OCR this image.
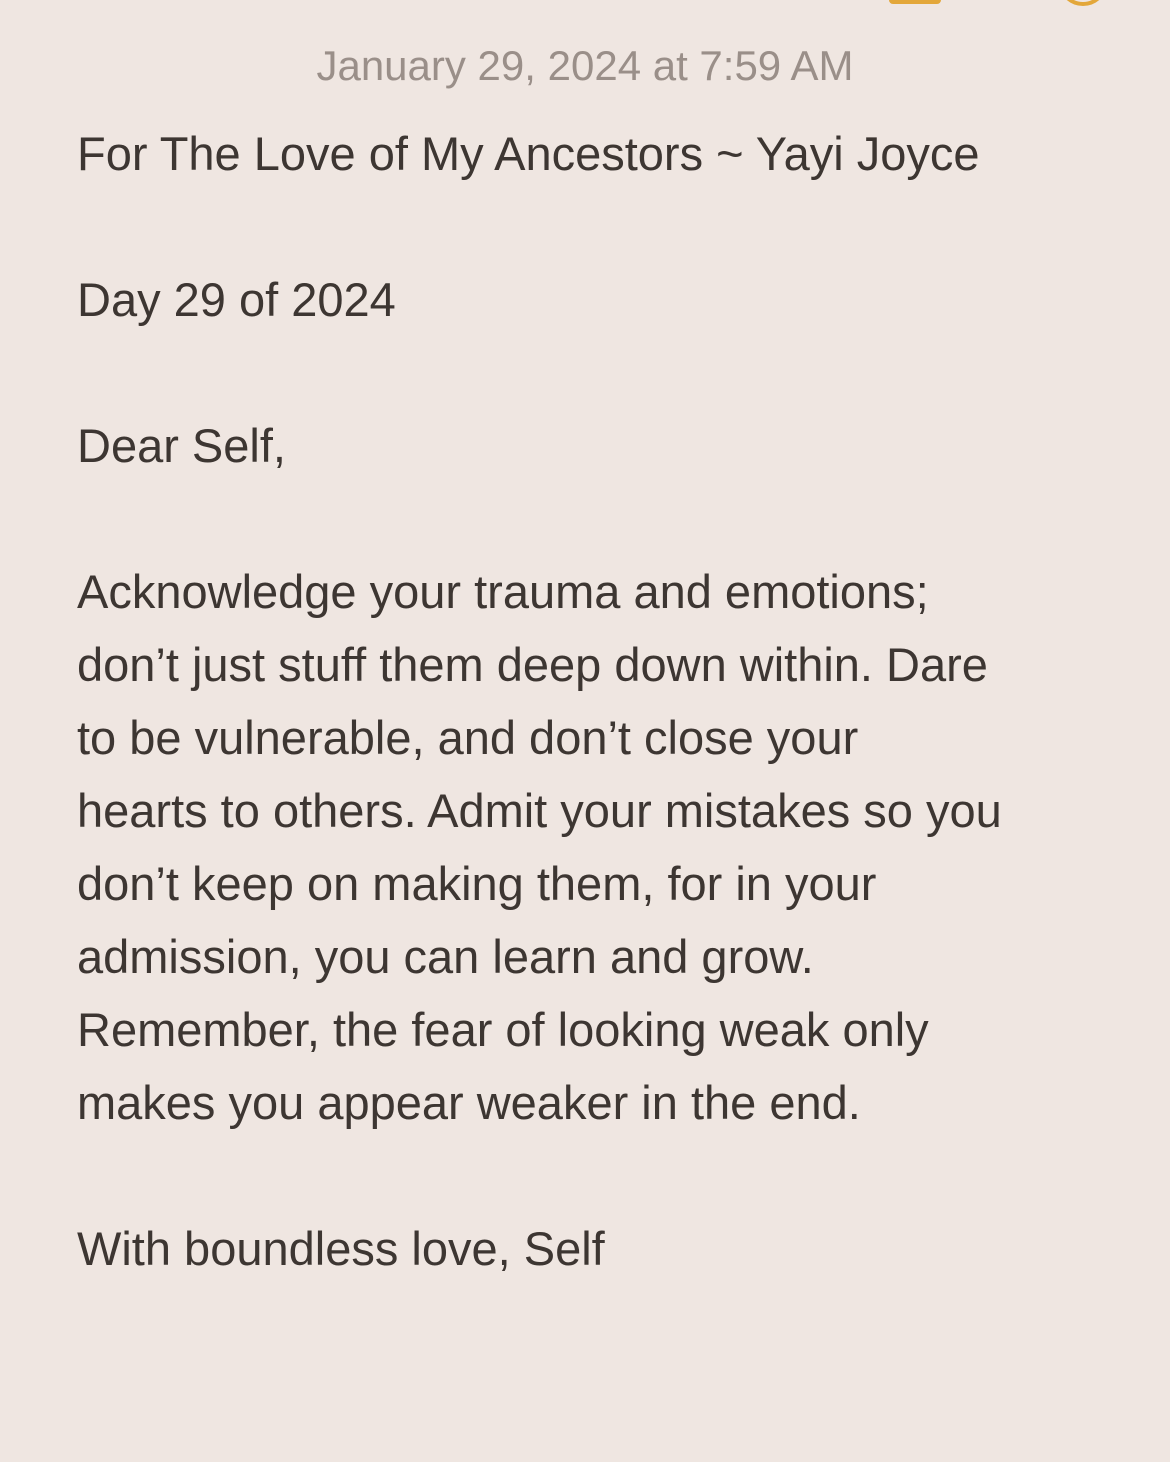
January 29, 2024 at 7:59 AM

For The Love of My Ancestors ~ Yayi Joyce

Day 29 of 2024

Dear Self,

Acknowledge your trauma and emotions;
don’t just stuff them deep down within. Dare
to be vulnerable, and don’t close your
hearts to others. Admit your mistakes so you
don’t keep on making them, for in your
admission, you can learn and grow.
Remember, the fear of looking weak only
makes you appear weaker in the end.

With boundless love, Self
